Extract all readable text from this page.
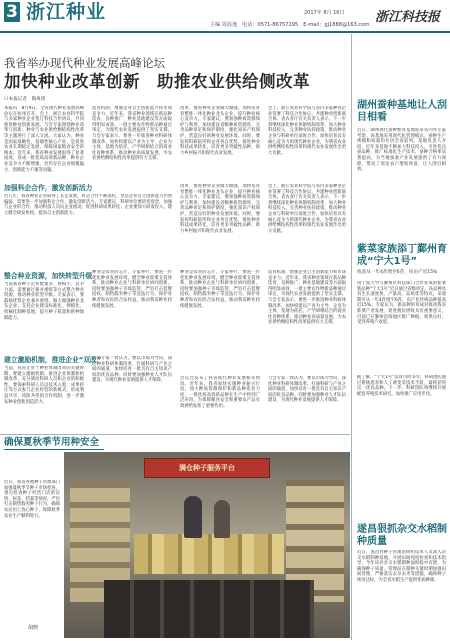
3 浙江种业	浙江科技报
2017年 8月 16日
主编 周晨逸　电话：0571-86757195　E-mail：gj1888@163.com
我省举办现代种业发展高峰论坛
加快种业改革创新　助推农业供给侧改革
口本报记者　陶爽琦
本报讯　8月9日，全省现代种业发展高峰论坛在杭州召开。会上，浙江农业科学院与多家种业企业签订科技合作协议，共同推进种业创新发展。与会专家围绕种业改革与创新、种业与农业供给侧结构性改革等主题进行了深入交流。大家认为，种业是国家战略性、基础性核心产业，是促进农业长期稳定发展、保障国家粮食安全的根本。近年来，我省种业发展取得了显著成效，育成一批优质高效新品种，种业企业竞争力不断增强，但仍存在企业规模偏小、创新能力不强等问题。
选育机制，增强企业自主创新能力和市场竞争力。近年来，我省种业领域在新品种选育、良种推广、种业基地建设等方面取得明显成效，一批主要农作物新品种通过审定，为现代农业发展提供了坚实支撑。与会专家表示，要进一步推进种业科研体制改革，加快构建以产业为主导、企业为主体、基地为依托、产学研相结合的商业化育种体系，推动种业高质量发展，为农业供给侧结构性改革提供有力支撑。
改革，推进种业企业做大做强，加快培育育繁推一体化种业龙头企业，提升种业核心竞争力。专家建议，要加强种质资源保护与利用，加快建设省级种质资源库，完善品种审定和保护制度，强化知识产权保护，营造良好的种业发展环境。同时，要发挥科研院所和企业各自优势，推进种业科技成果转化，培育更多突破性品种，助力乡村振兴和现代农业发展。
会上，浙江农业科学院与省内多家种业企业签署了科技合作协议，共建种业创新联合体。省农业厅有关负责人表示，下一步将继续深化种业体制机制改革，加大种业科技投入，完善种业扶持政策，推动种业企业与科研单位深度合作，加快培育具有核心竞争力的现代种业企业，为我省农业供给侧结构性改革和现代农业发展作出更大贡献。
加强科企合作，激发创新活力
近几年，我省种业企业取得了长足发展，科企合作不断深化，但是企业自主创新能力仍然偏弱，需要进一步加强科企合作，激发创新活力。专家建议，科研单位要转变观念，加强与企业的合作，推动科技人员向企业流动，促进科研成果转化；企业要加大研发投入，建立健全研发机构，提高自主创新能力。
改革，推进种业企业做大做强，加快培育育繁推一体化种业龙头企业，提升种业核心竞争力。专家建议，要加强种质资源保护与利用，加快建设省级种质资源库，完善品种审定和保护制度，强化知识产权保护，营造良好的种业发展环境。同时，要发挥科研院所和企业各自优势，推进种业科技成果转化，培育更多突破性品种，助力乡村振兴和现代农业发展。
会上，浙江农业科学院与省内多家种业企业签署了科技合作协议，共建种业创新联合体。省农业厅有关负责人表示，下一步将继续深化种业体制机制改革，加大种业科技投入，完善种业扶持政策，推动种业企业与科研单位深度合作，加快培育具有核心竞争力的现代种业企业，为我省农业供给侧结构性改革和现代农业发展作出更大贡献。
整合种业资源，加快转型升级
当前我省种子企业数量多、规模小、竞争力弱，需要通过兼并重组等方式整合种业资源，推动种业转型升级。专家表示，要鼓励优势企业兼并重组，做大做强种业龙头企业，支持企业建设标准化、规模化、机械化制种基地，提升种子质量和供种保障能力。
种业是农业的芯片，专家呼吁，要进一步优化种业发展环境，健全种业政策支持体系，推动种业企业与科研单位协同创新。同时要加强种子市场监管，严厉打击套牌侵权、制售假劣种子等违法行为，保护育种者和农民的合法权益，推动我省种业持续健康发展。
种业是农业的芯片，专家呼吁，要进一步优化种业发展环境，健全种业政策支持体系，推动种业企业与科研单位协同创新。同时要加强种子市场监管，严厉打击套牌侵权、制售假劣种子等违法行为，保护育种者和农民的合法权益，推动我省种业持续健康发展。
选育机制，增强企业自主创新能力和市场竞争力。近年来，我省种业领域在新品种选育、良种推广、种业基地建设等方面取得明显成效，一批主要农作物新品种通过审定，为现代农业发展提供了坚实支撑。与会专家表示，要进一步推进种业科研体制改革，加快构建以产业为主导、企业为主体、基地为依托、产学研相结合的商业化育种体系，推动种业高质量发展，为农业供给侧结构性改革提供有力支撑。
建立激励机制，推进企业“双改”
当前，我省正处于种业体制改革的关键时期，要建立激励机制，推进企业体制和机制改革，充分调动科研人员和企业的积极性。要探索科研人员以技术入股、成果转让等方式参与企业经营的新模式，形成利益共享、风险共担的合作机制，进一步激发种业创新创造活力。
与会专家一致认为，要以市场为导向，深化种业科研体制改革，打通科研与产业之间的通道，加快培育一批具有自主知识产权的优良品种。同时要加强种业人才队伍建设，为现代种业发展提供人才保障。	会议还发布了我省现代种业发展相关情况。近年来，我省加快实施种业振兴行动，加大种质资源保护和新品种选育力度，一批优质高效新品种在生产中得到广泛应用，为保障粮食安全和重要农产品有效供给发挥了重要作用。
与会专家一致认为，要以市场为导向，深化种业科研体制改革，打通科研与产业之间的通道，加快培育一批具有自主知识产权的优良品种。同时要加强种业人才队伍建设，为现代种业发展提供人才保障。
湖州蚕种基地让人刮目相看
近日，湖州现代蚕种繁育基地迎来省内外专家考察。该基地采用现代化管理模式，蚕种生产规模和质量均位居全省前列。基地负责人介绍，近年来基地不断加大科技投入，引进优良蚕品种，推广标准化生产技术，蚕种合格率显著提高，为当地蚕桑产业发展提供了有力保障，带动了周边农户增收致富，让人刮目相看。
紫菜家族添丁鄞州育成“宁大1号”
收获从一年4茬增至6茬，每亩产近15%
由宁波大学与鄞州区科技部门合作育成的紫菜新品种“宁大1号”近日通过省级审定。该品种具有生长速度快、产量高、品质优等特点，采收期可从一年4茬增至6茬，亩产比传统品种提高近15%。专家认为，新品种的育成对推动我省紫菜产业发展、促进渔民增收具有重要意义，目前已在鄞州沿海地区推广种植，效果良好，受到养殖户欢迎。
据了解，“宁大1号”选育历时多年，科研团队通过系统选育和人工诱变等技术手段，最终获得这一优良品种。下一步，科研团队将继续开展配套养殖技术研究，加快推广应用步伐。
遂昌狠抓杂交水稻制种质量
近日，遂昌县种子管理站组织技术人员深入杂交水稻制种基地，开展田间纯度检查和技术指导。今年该县杂交水稻制种面积稳中有增，为确保种子质量，管理站在制种关键时期加强田间管理，严格落实去杂去劣等措施，确保种子纯度达标，为全省水稻生产提供优质种源。
确保夏秋季节用种安全
近日，我省各地种子管理部门加强夏秋季节种子市场检查，重点检查种子经营门店的证照、标签、档案等情况，严厉打击制售假劣种子行为，确保农民用上放心种子，保障秋季农业生产顺利进行。
胡晓
满仓种子服务平台
